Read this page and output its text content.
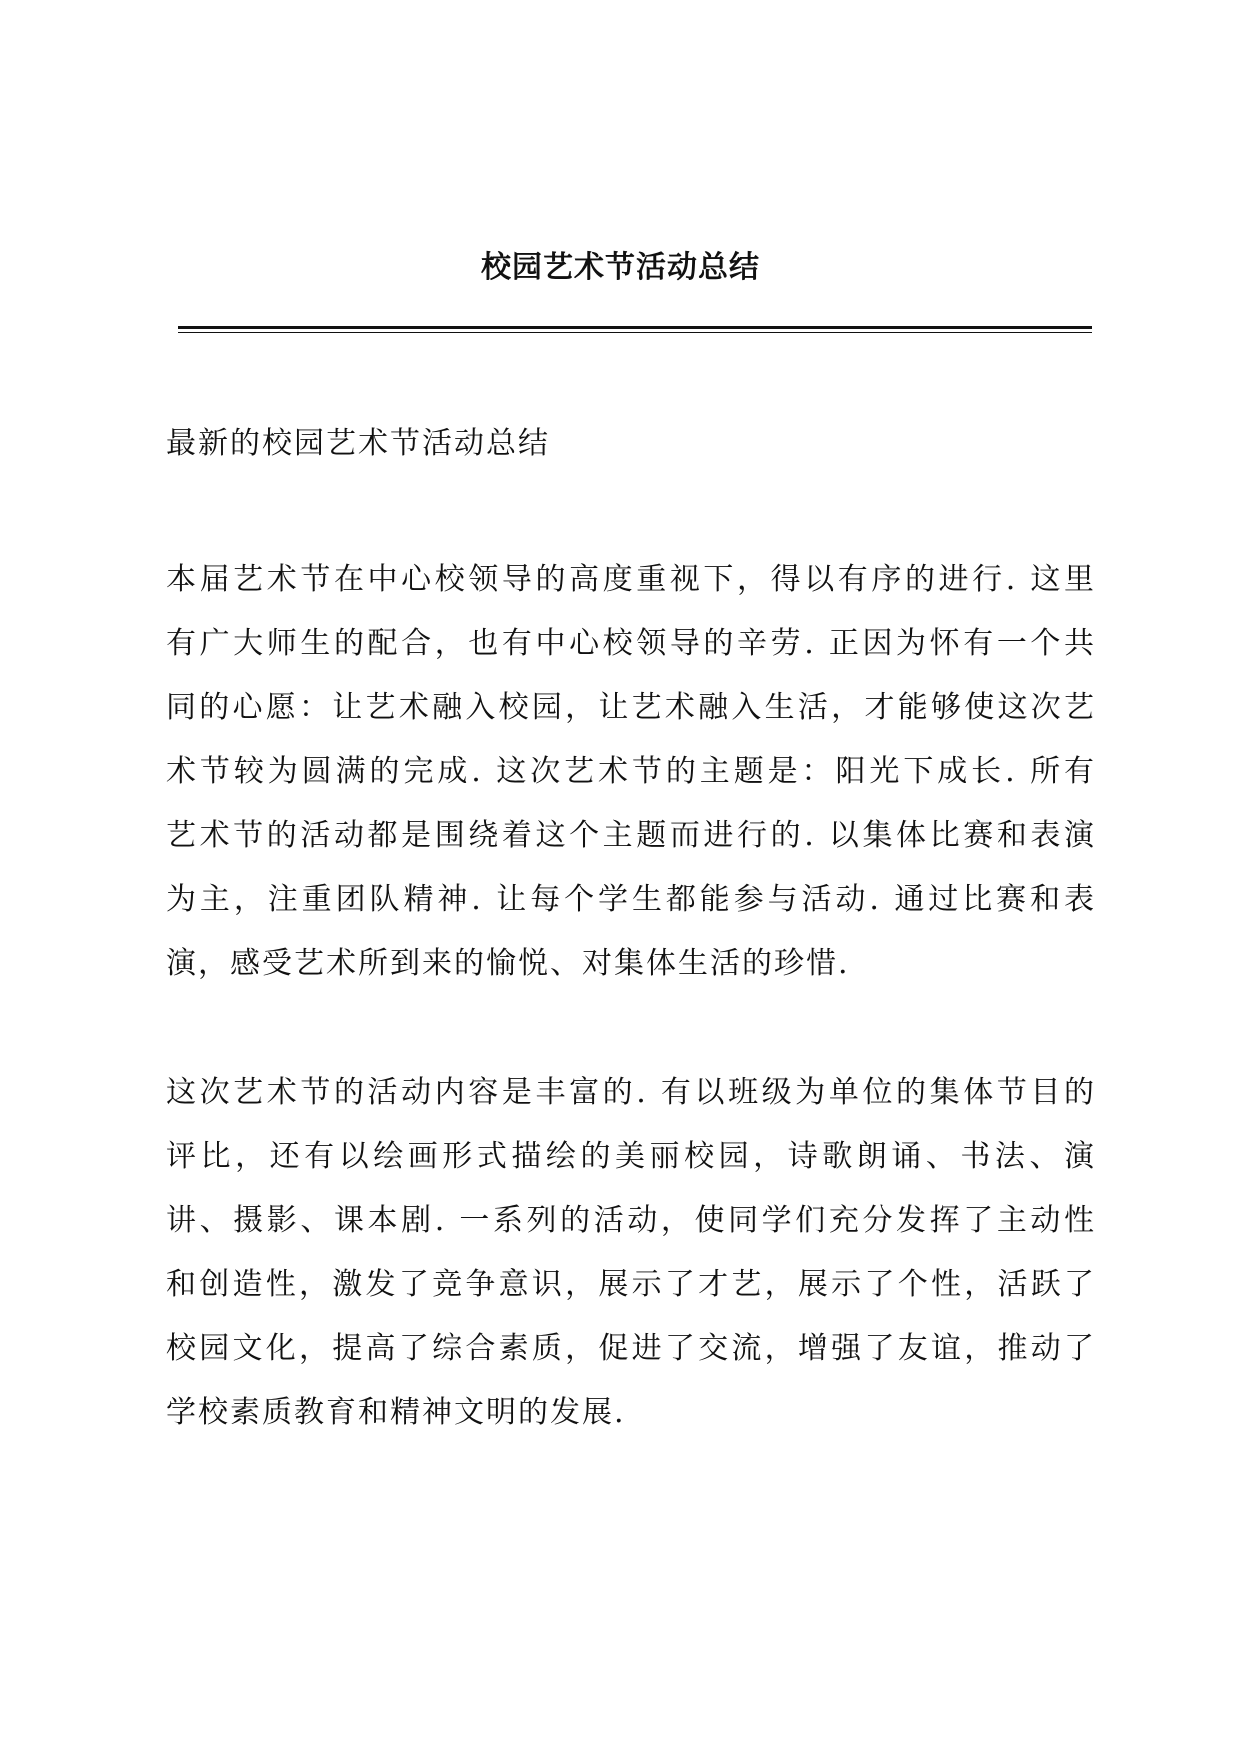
校园艺术节活动总结
最新的校园艺术节活动总结
本届艺术节在中心校领导的高度重视下，得以有序的进行. 这里
有广大师生的配合，也有中心校领导的辛劳. 正因为怀有一个共
同的心愿：让艺术融入校园，让艺术融入生活，才能够使这次艺
术节较为圆满的完成. 这次艺术节的主题是：阳光下成长. 所有
艺术节的活动都是围绕着这个主题而进行的. 以集体比赛和表演
为主，注重团队精神. 让每个学生都能参与活动. 通过比赛和表
演，感受艺术所到来的愉悦、对集体生活的珍惜.
这次艺术节的活动内容是丰富的. 有以班级为单位的集体节目的
评比，还有以绘画形式描绘的美丽校园，诗歌朗诵、书法、演
讲、摄影、课本剧. 一系列的活动，使同学们充分发挥了主动性
和创造性，激发了竞争意识，展示了才艺，展示了个性，活跃了
校园文化，提高了综合素质，促进了交流，增强了友谊，推动了
学校素质教育和精神文明的发展.
